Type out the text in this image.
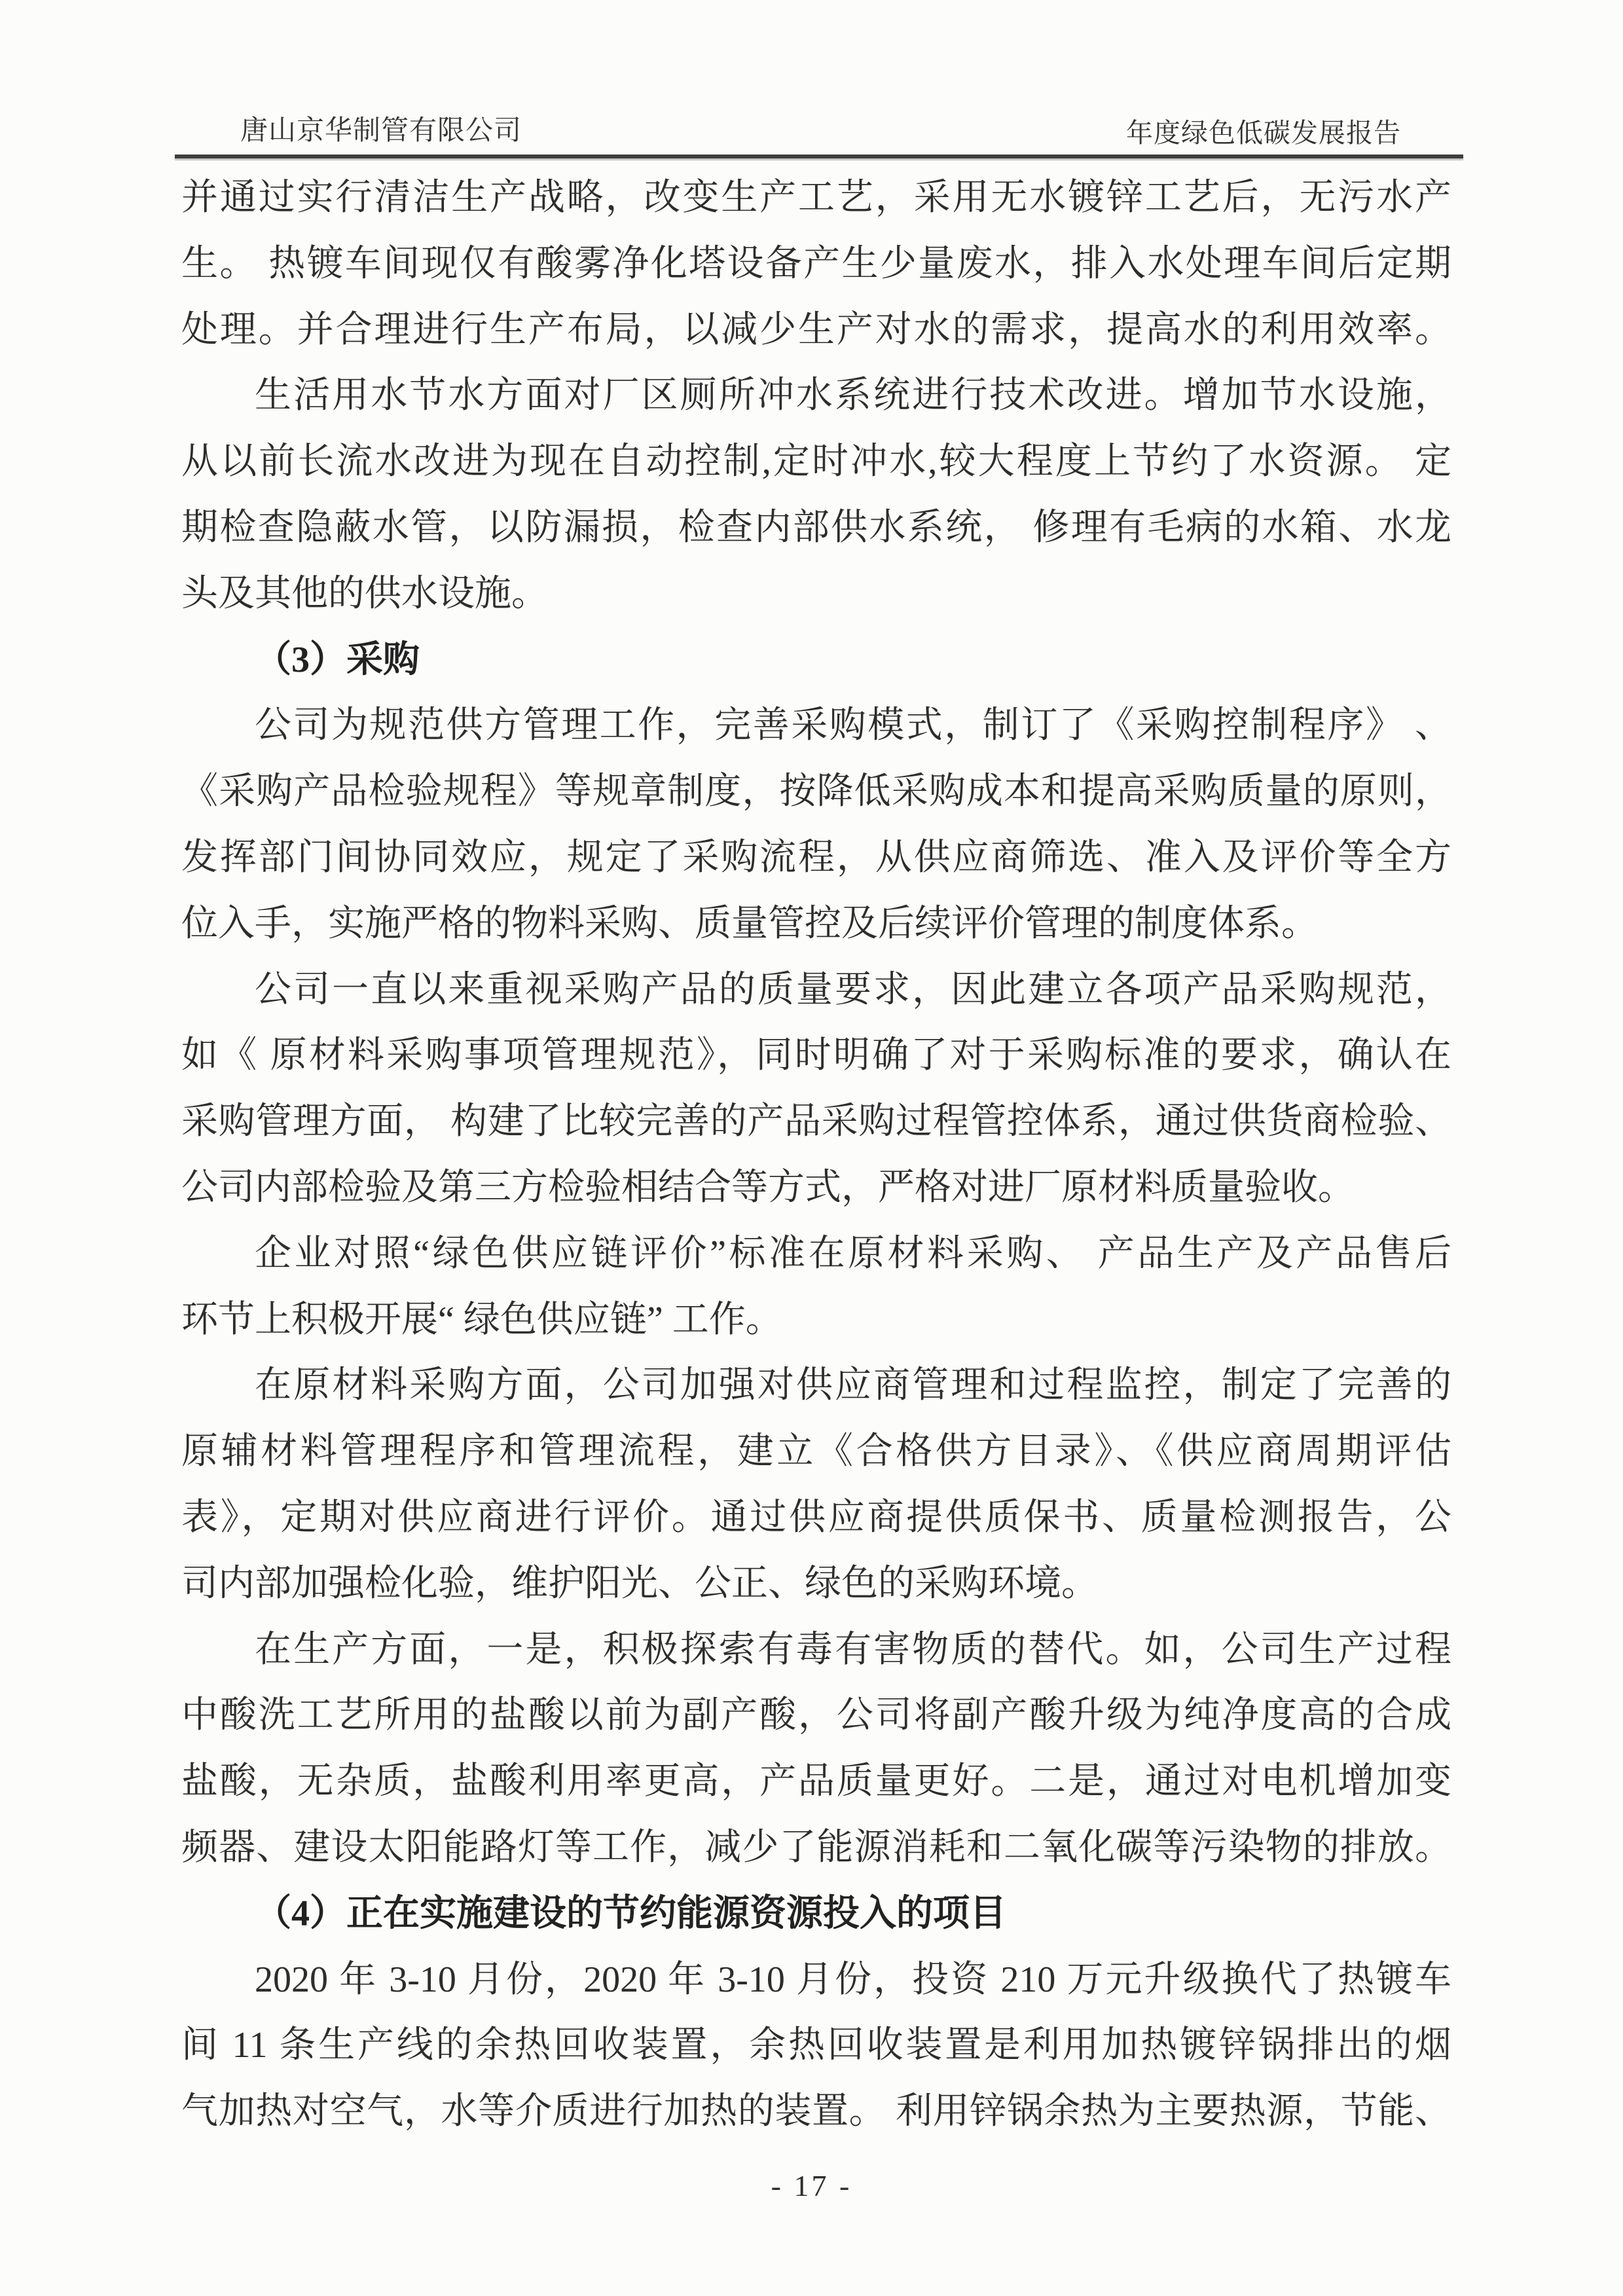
唐山京华制管有限公司	年度绿色低碳发展报告
并通过实行清洁生产战略，改变生产工艺，采用无水镀锌工艺后，无污水产
生。 热镀车间现仅有酸雾净化塔设备产生少量废水，排入水处理车间后定期
处理。并合理进行生产布局，以减少生产对水的需求，提高水的利用效率。
生活用水节水方面对厂区厕所冲水系统进行技术改进。增加节水设施，
从以前长流水改进为现在自动控制,定时冲水,较大程度上节约了水资源。 定
期检查隐蔽水管，以防漏损，检查内部供水系统， 修理有毛病的水箱、水龙
头及其他的供水设施。
（3）采购
公司为规范供方管理工作，完善采购模式，制订了《采购控制程序》 、
《采购产品检验规程》等规章制度，按降低采购成本和提高采购质量的原则，
发挥部门间协同效应，规定了采购流程，从供应商筛选、准入及评价等全方
位入手，实施严格的物料采购、质量管控及后续评价管理的制度体系。
公司一直以来重视采购产品的质量要求，因此建立各项产品采购规范，
如《 原材料采购事项管理规范》，同时明确了对于采购标准的要求，确认在
采购管理方面， 构建了比较完善的产品采购过程管控体系，通过供货商检验、
公司内部检验及第三方检验相结合等方式，严格对进厂原材料质量验收。
企业对照“绿色供应链评价”标准在原材料采购、 产品生产及产品售后
环节上积极开展“ 绿色供应链” 工作。
在原材料采购方面，公司加强对供应商管理和过程监控，制定了完善的
原辅材料管理程序和管理流程，建立《合格供方目录》、《供应商周期评估
表》，定期对供应商进行评价。通过供应商提供质保书、质量检测报告，公
司内部加强检化验，维护阳光、公正、绿色的采购环境。
在生产方面，一是，积极探索有毒有害物质的替代。如，公司生产过程
中酸洗工艺所用的盐酸以前为副产酸，公司将副产酸升级为纯净度高的合成
盐酸，无杂质，盐酸利用率更高，产品质量更好。二是，通过对电机增加变
频器、建设太阳能路灯等工作，减少了能源消耗和二氧化碳等污染物的排放。
（4）正在实施建设的节约能源资源投入的项目
2020 年 3-10 月份，2020 年 3-10 月份，投资 210 万元升级换代了热镀车
间 11 条生产线的余热回收装置，余热回收装置是利用加热镀锌锅排出的烟
气加热对空气，水等介质进行加热的装置。 利用锌锅余热为主要热源，节能、
- 17 -
